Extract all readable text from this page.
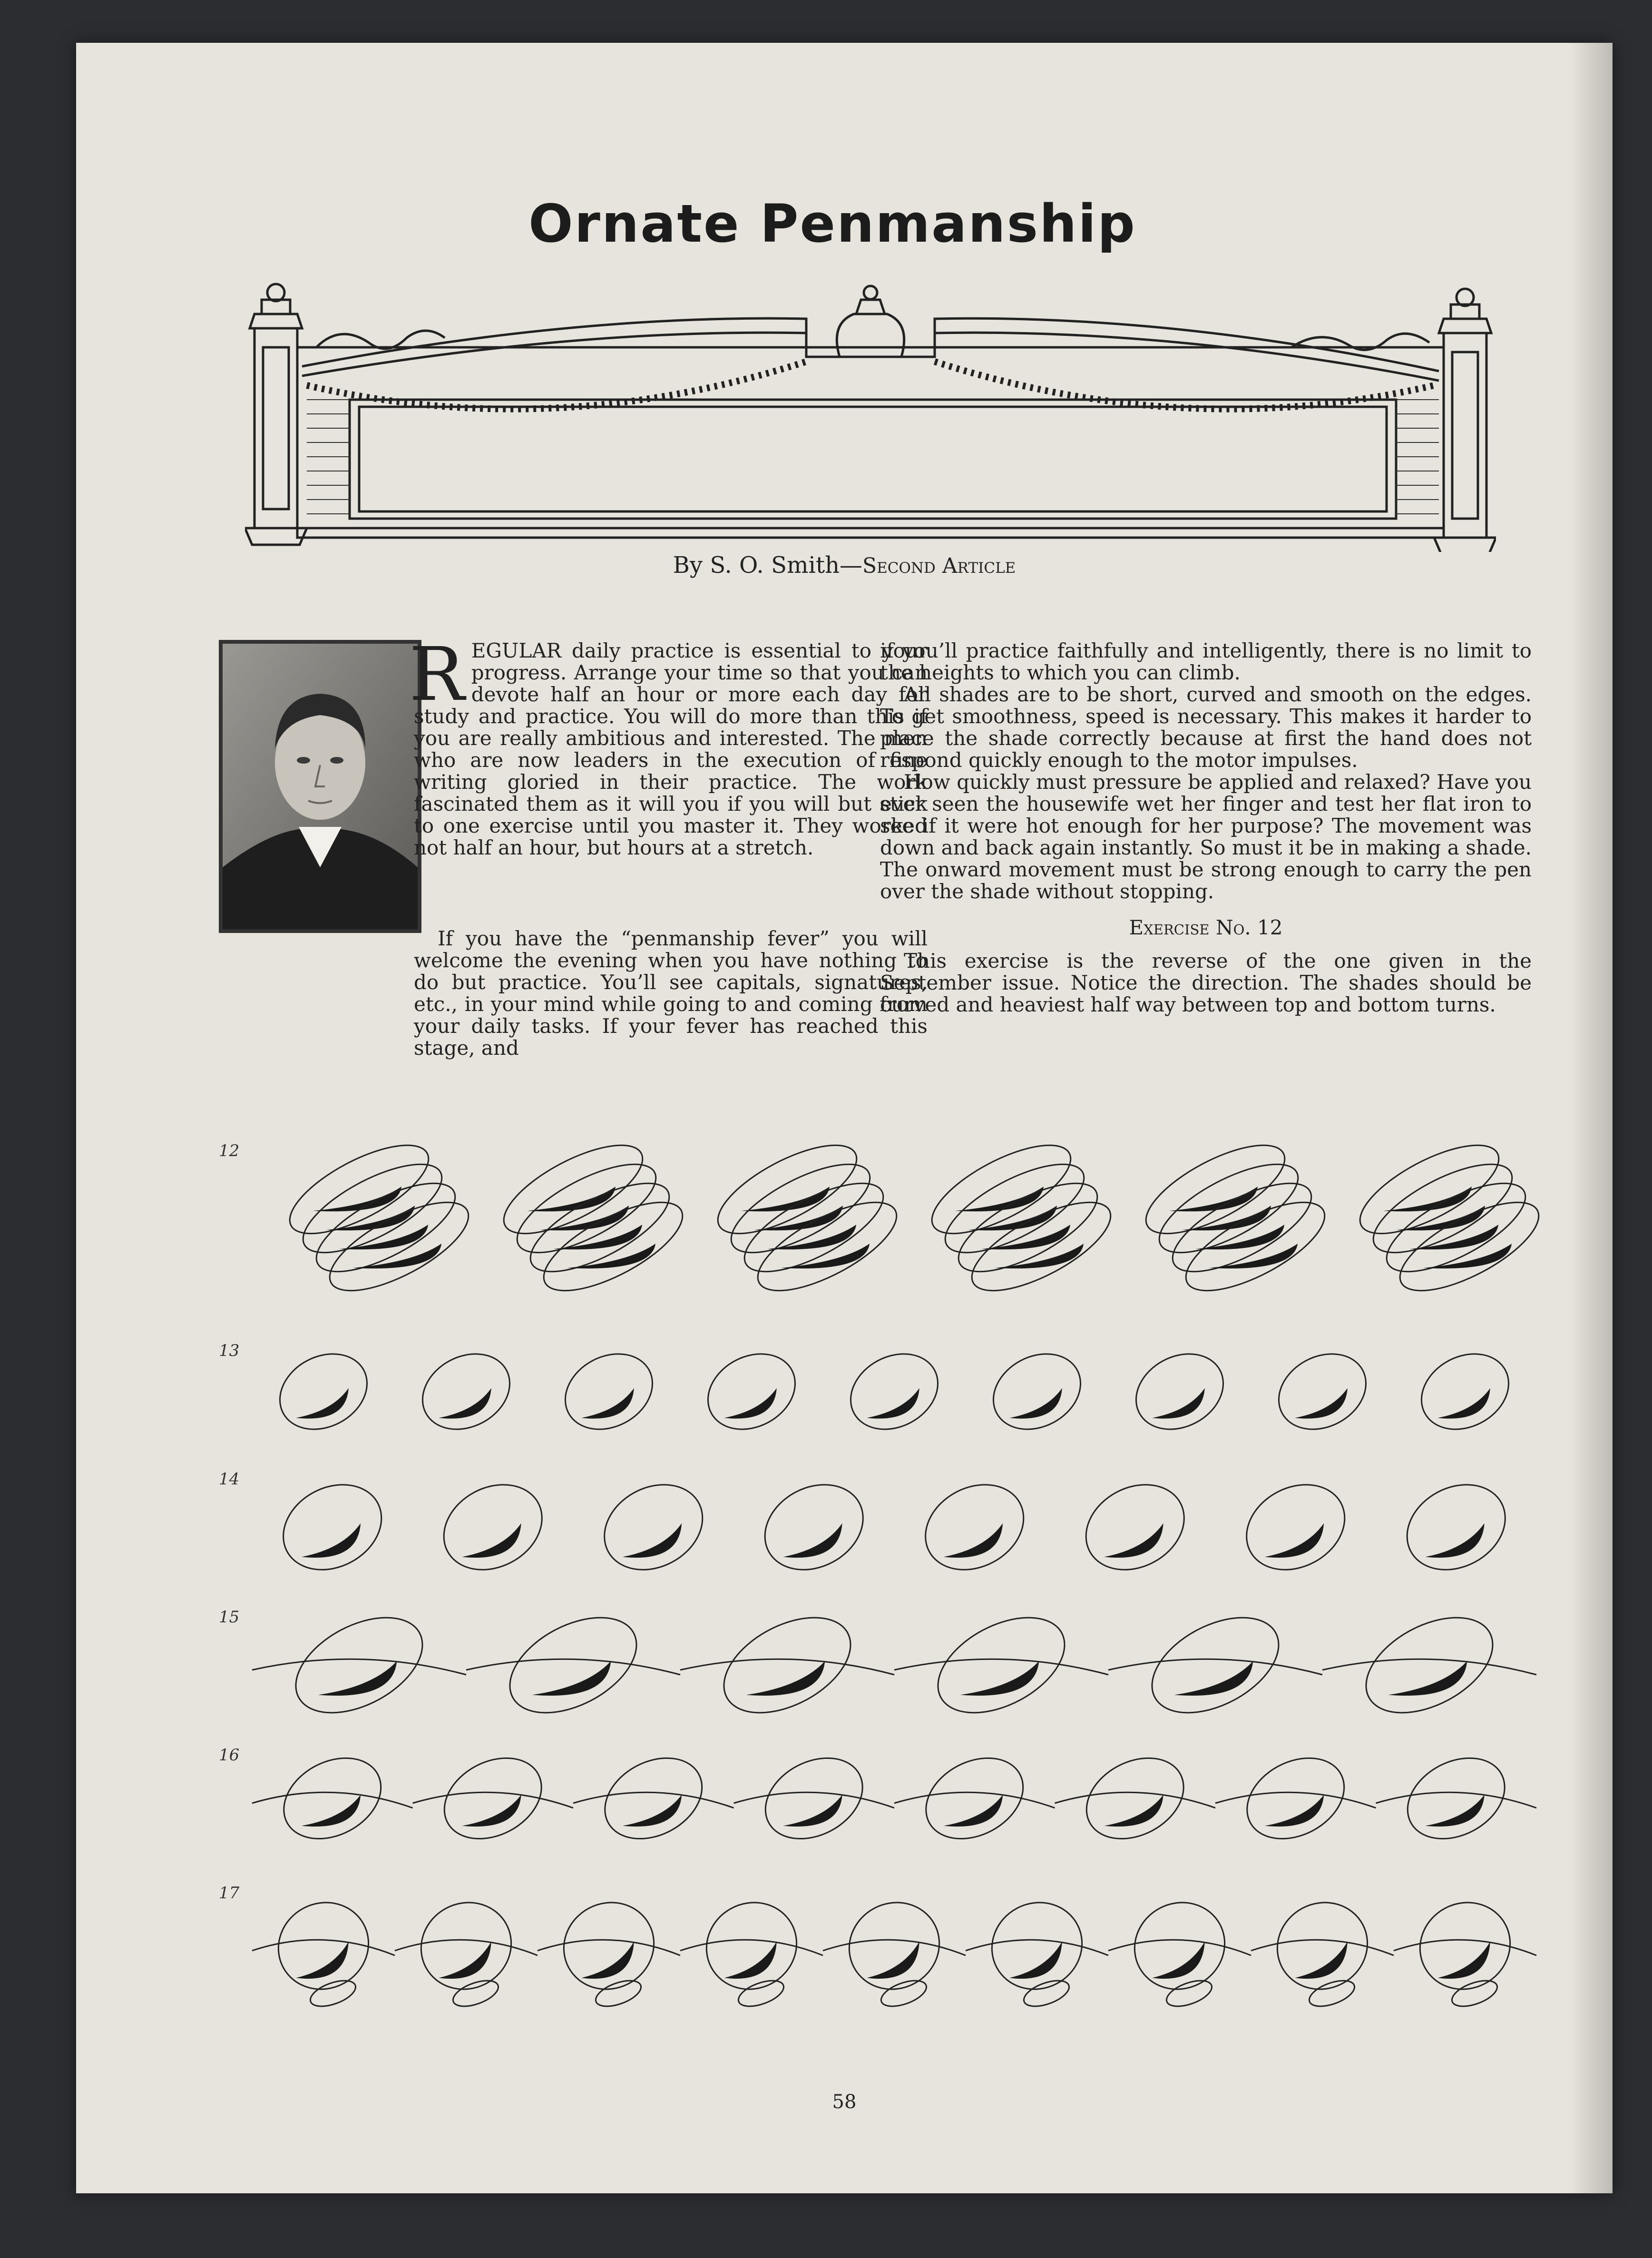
Ornate Penmanship
By S. O. Smith—Second Article

REGULAR daily practice is essential to your progress. Arrange your time so that you can devote half an hour or more each day for study and practice. You will do more than this if you are really ambitious and interested. The men who are now leaders in the execution of fine writing gloried in their practice. The work fascinated them as it will you if you will but stick to one exercise until you master it. They worked not half an hour, but hours at a stretch.

If you have the “penmanship fever” you will welcome the evening when you have nothing to do but practice. You’ll see capitals, signatures, etc., in your mind while going to and coming from your daily tasks. If your fever has reached this stage, and

if you’ll practice faithfully and intelligently, there is no limit to the heights to which you can climb.

All shades are to be short, curved and smooth on the edges. To get smoothness, speed is necessary. This makes it harder to place the shade correctly because at first the hand does not respond quickly enough to the motor impulses.

How quickly must pressure be applied and relaxed? Have you ever seen the housewife wet her finger and test her flat iron to see if it were hot enough for her purpose? The movement was down and back again instantly. So must it be in making a shade. The onward movement must be strong enough to carry the pen over the shade without stopping.

Exercise No. 12

This exercise is the reverse of the one given in the September issue. Notice the direction. The shades should be curved and heaviest half way between top and bottom turns.

12
13
14
15
16
17
58
